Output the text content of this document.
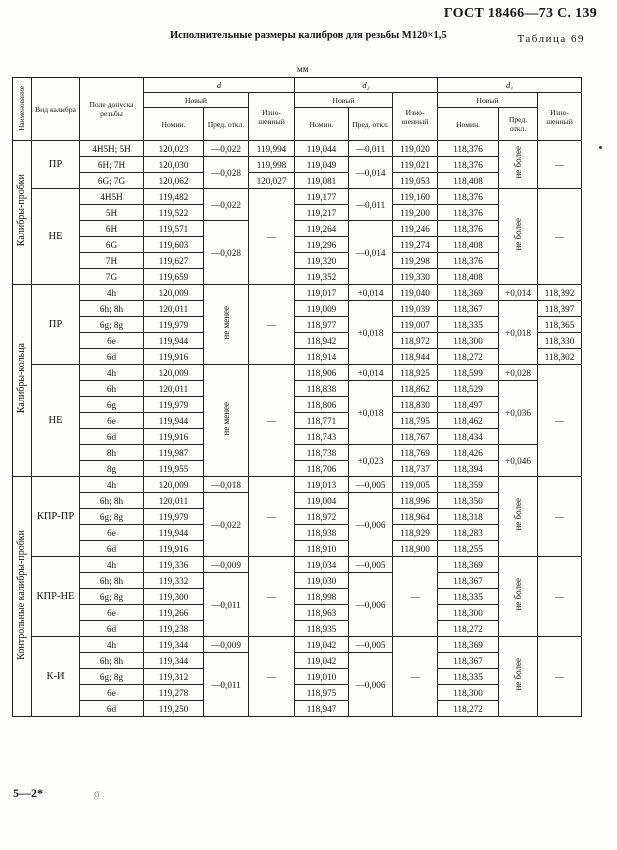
ГОСТ 18466—73 С. 139
Исполнительные размеры калибров для резьбы М120×1,5	Таблица 69
мм
Наименование	Вид калибра	Поле допуска резьбы	d			d₂			d₁		
			Новый		Изно-шенный	Новый		Изно-шенный	Новый		Изно-шенный
			Номин.	Пред. откл.		Номин.	Пред. откл.		Номин.	Пред. откл.	
Калибры-пробки	ПР	4H5H; 5H	120,023	—0,022	119,994	119,044	—0,011	119,020	118,376	не более	—
		6H; 7H	120,030	—0,028	119,998	119,049	—0,014	119,021	118,376		
		6G; 7G	120,062		120,027	119,081		119,053	118,408		
	НЕ	4H5H	119,482	—0,022	—	119,177	—0,011	119,160	118,376	не более	—
		5H	119,522			119,217		119,200	118,376		
		6H	119,571	—0,028		119,264	—0,014	119,246	118,376		
		6G	119,603			119,296		119,274	118,408		
		7H	119,627			119,320		119,298	118,376		
		7G	119,659			119,352		119,330	118,408		
Калибры-кольца	ПР	4h	120,009	не менее	—	119,017	+0,014	119,040	118,369	+0,014	118,392
		6h; 8h	120,011			119,009	+0,018	119,039	118,367	+0,018	118,397
		6g; 8g	119,979			118,977		119,007	118,335		118,365
		6e	119,944			118,942		118,972	118,300		118,330
		6d	119,916			118,914		118,944	118,272		118,302
	НЕ	4h	120,009	не менее	—	118,906	+0,014	118,925	118,599	+0,028	—
		6h	120,011			118,838	+0,018	118,862	118,529	+0,036	
		6g	119,979			118,806		118,830	118,497		
		6e	119,944			118,771		118,795	118,462		
		6d	119,916			118,743		118,767	118,434		
		8h	119,987			118,738	+0,023	118,769	118,426	+0,046	
		8g	119,955			118,706		118,737	118,394		
Контрольные калибры-пробки	КПР-ПР	4h	120,009	—0,018	—	119,013	—0,005	119,005	118,359	не более	—
		6h; 8h	120,011	—0,022		119,004	—0,006	118,996	118,350		
		6g; 8g	119,979			118,972		118,964	118,318		
		6e	119,944			118,938		118,929	118,283		
		6d	119,916			118,910		118,900	118,255		
	КПР-НЕ	4h	119,336	—0,009	—	119,034	—0,005	—	118,369	не более	—
		6h; 8h	119,332	—0,011		119,030	—0,006		118,367		
		6g; 8g	119,300			118,998			118,335		
		6e	119,266			118,963			118,300		
		6d	119,238			118,935			118,272		
	К-И	4h	119,344	—0,009	—	119,042	—0,005	—	118,369	не более	—
		6h; 8h	119,344	—0,011		119,042	—0,006		118,367		
		6g; 8g	119,312			119,010			118,335		
		6e	119,278			118,975			118,300		
		6d	119,250			118,947			118,272		
5—2*	ℊ.
